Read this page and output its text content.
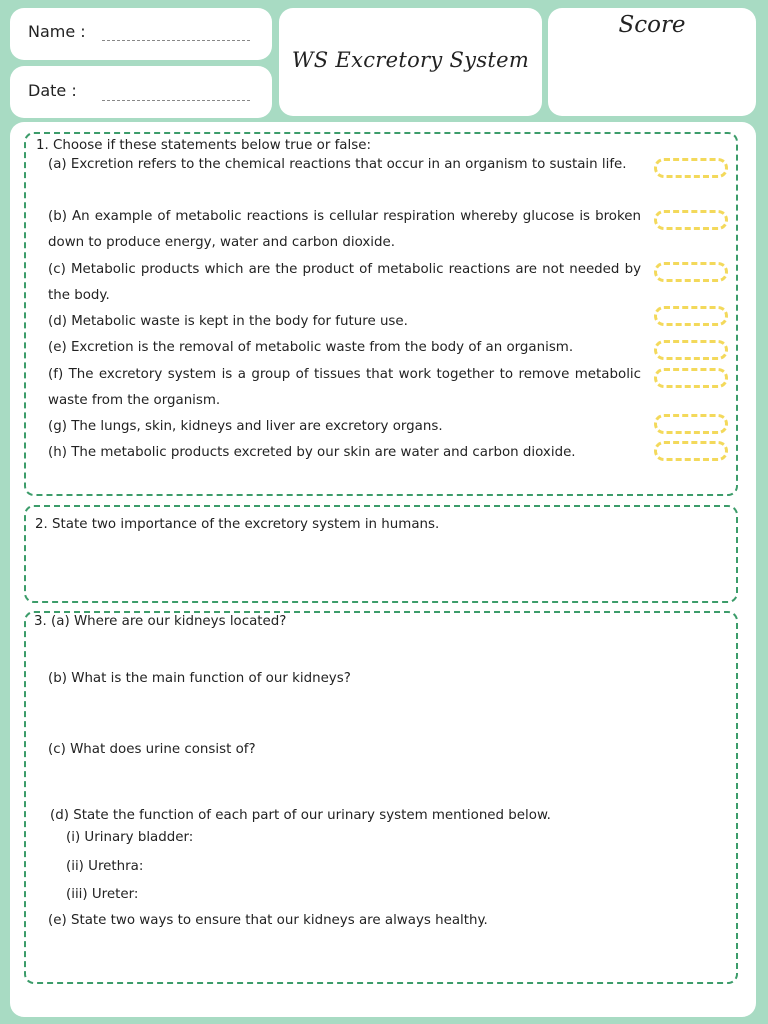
Name :
Date :
WS Excretory System
Score

1. Choose if these statements below true or false:

(a) Excretion refers to the chemical reactions that occur in an organism to sustain life.

(b) An example of metabolic reactions is cellular respiration whereby glucose is broken down to produce energy, water and carbon dioxide.

(c) Metabolic products which are the product of metabolic reactions are not needed by the body.

(d) Metabolic waste is kept in the body for future use.

(e) Excretion is the removal of metabolic waste from the body of an organism.

(f) The excretory system is a group of tissues that work together to remove metabolic waste from the organism.

(g) The lungs, skin, kidneys and liver are excretory organs.

(h) The metabolic products excreted by our skin are water and carbon dioxide.

2. State two importance of the excretory system in humans.

3. (a) Where are our kidneys located?

(b) What is the main function of our kidneys?

(c) What does urine consist of?

(d) State the function of each part of our urinary system mentioned below.

(i) Urinary bladder:

(ii) Urethra:

(iii) Ureter:

(e) State two ways to ensure that our kidneys are always healthy.
